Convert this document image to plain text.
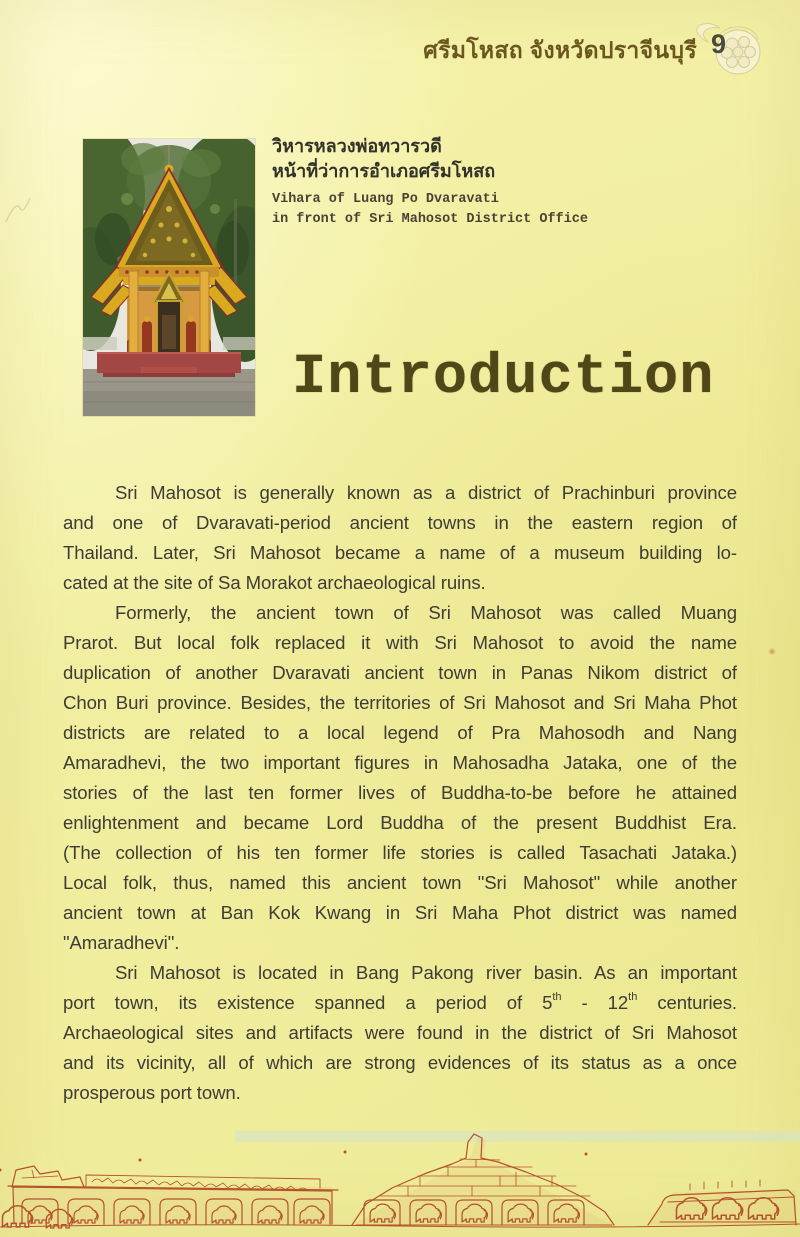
ศรีมโหสถ จังหวัดปราจีนบุรี 9
วิหารหลวงพ่อทวารวดี
หน้าที่ว่าการอำเภอศรีมโหสถ
Vihara of Luang Po Dvaravati
in front of Sri Mahosot District Office
Introduction
Sri Mahosot is generally known as a district of Prachinburi province
and one of Dvaravati-period ancient towns in the eastern region of
Thailand. Later, Sri Mahosot became a name of a museum building lo-
cated at the site of Sa Morakot archaeological ruins.
Formerly, the ancient town of Sri Mahosot was called Muang
Prarot. But local folk replaced it with Sri Mahosot to avoid the name
duplication of another Dvaravati ancient town in Panas Nikom district of
Chon Buri province. Besides, the territories of Sri Mahosot and Sri Maha Phot
districts are related to a local legend of Pra Mahosodh and Nang
Amaradhevi, the two important figures in Mahosadha Jataka, one of the
stories of the last ten former lives of Buddha-to-be before he attained
enlightenment and became Lord Buddha of the present Buddhist Era.
(The collection of his ten former life stories is called Tasachati Jataka.)
Local folk, thus, named this ancient town "Sri Mahosot" while another
ancient town at Ban Kok Kwang in Sri Maha Phot district was named
"Amaradhevi".
Sri Mahosot is located in Bang Pakong river basin. As an important
port town, its existence spanned a period of 5th - 12th centuries.
Archaeological sites and artifacts were found in the district of Sri Mahosot
and its vicinity, all of which are strong evidences of its status as a once
prosperous port town.
